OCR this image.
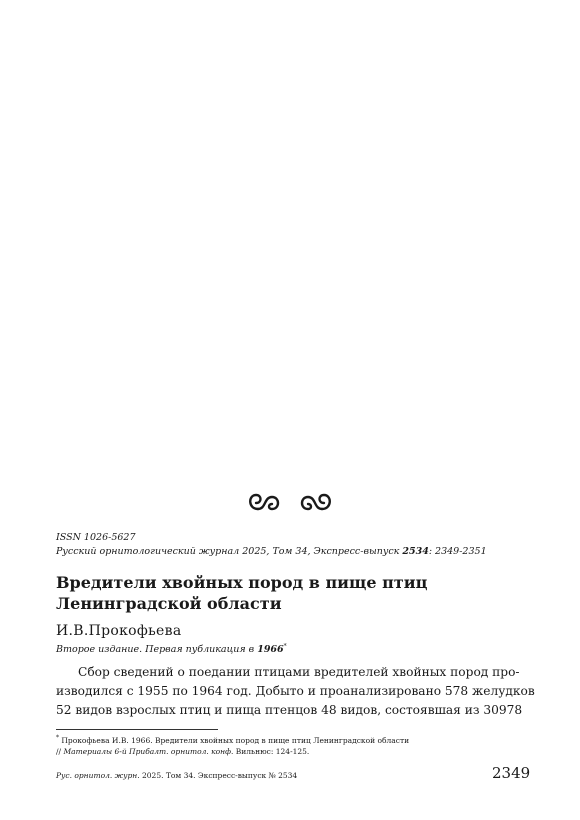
ISSN 1026-5627
Русский орнитологический журнал 2025, Том 34, Экспресс-выпуск 2534: 2349-2351
Вредители хвойных пород в пище птиц
Ленинградской области
И.В.Прокофьева
Второе издание. Первая публикация в 1966*
Сбор сведений о поедании птицами вредителей хвойных пород про-
изводился с 1955 по 1964 год. Добыто и проанализировано 578 желудков
52 видов взрослых птиц и пища птенцов 48 видов, состоявшая из 30978
* Прокофьева И.В. 1966. Вредители хвойных пород в пище птиц Ленинградской области
// Материалы 6-й Прибалт. орнитол. конф. Вильнюс: 124-125.
Рус. орнитол. журн. 2025. Том 34. Экспресс-выпуск № 2534	2349
